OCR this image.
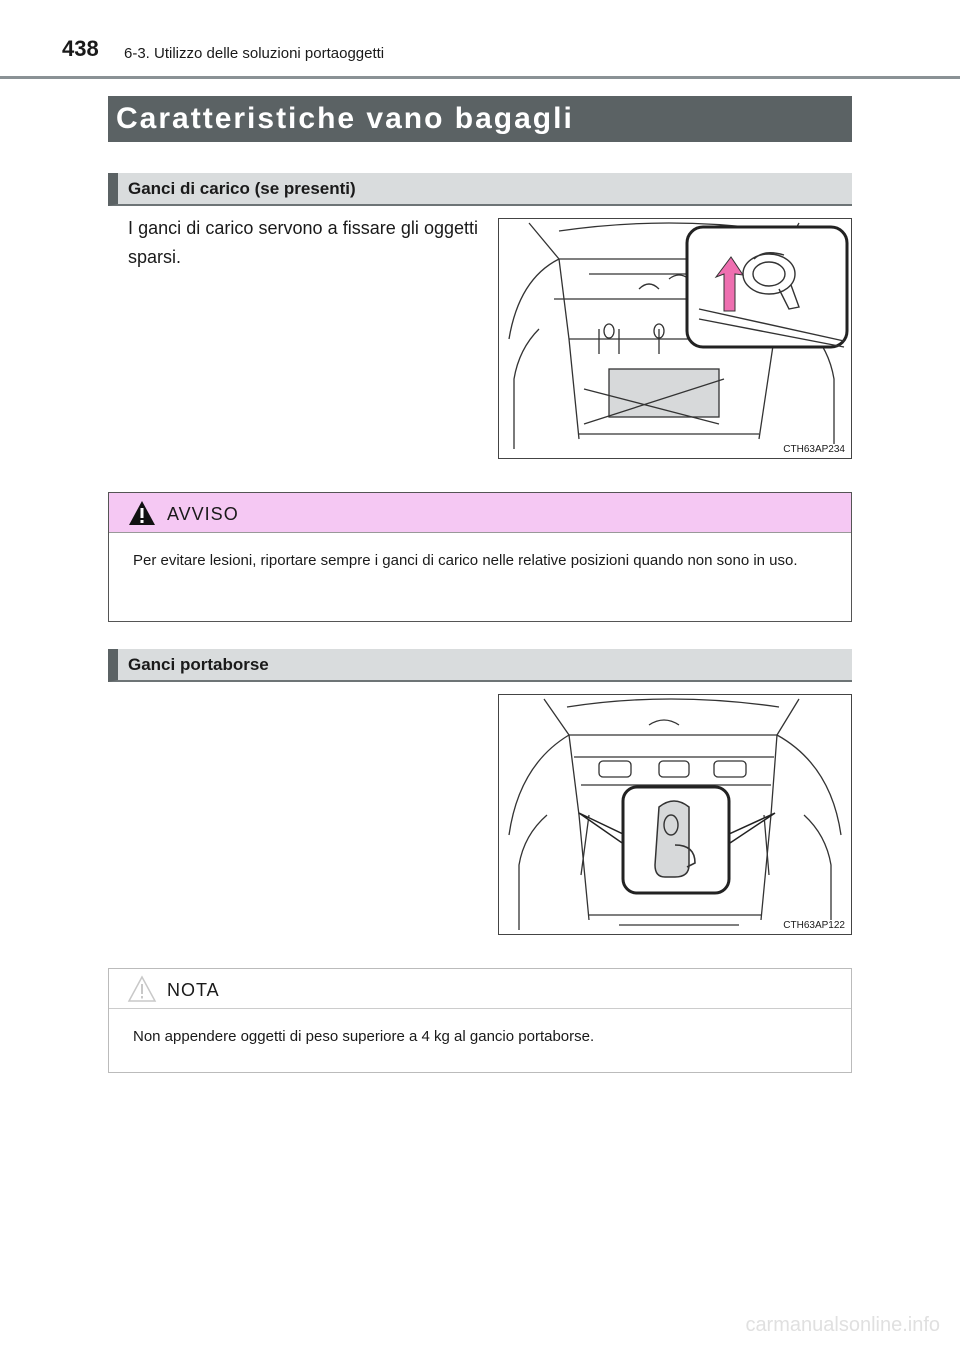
438 6-3. Utilizzo delle soluzioni portaoggetti
Caratteristiche vano bagagli
Ganci di carico (se presenti)
I ganci di carico servono a fissare gli oggetti sparsi.
CTH63AP234
AVVISO
Per evitare lesioni, riportare sempre i ganci di carico nelle relative posizioni quando non sono in uso.
Ganci portaborse
CTH63AP122
NOTA
Non appendere oggetti di peso superiore a 4 kg al gancio portaborse.
carmanualsonline.info
